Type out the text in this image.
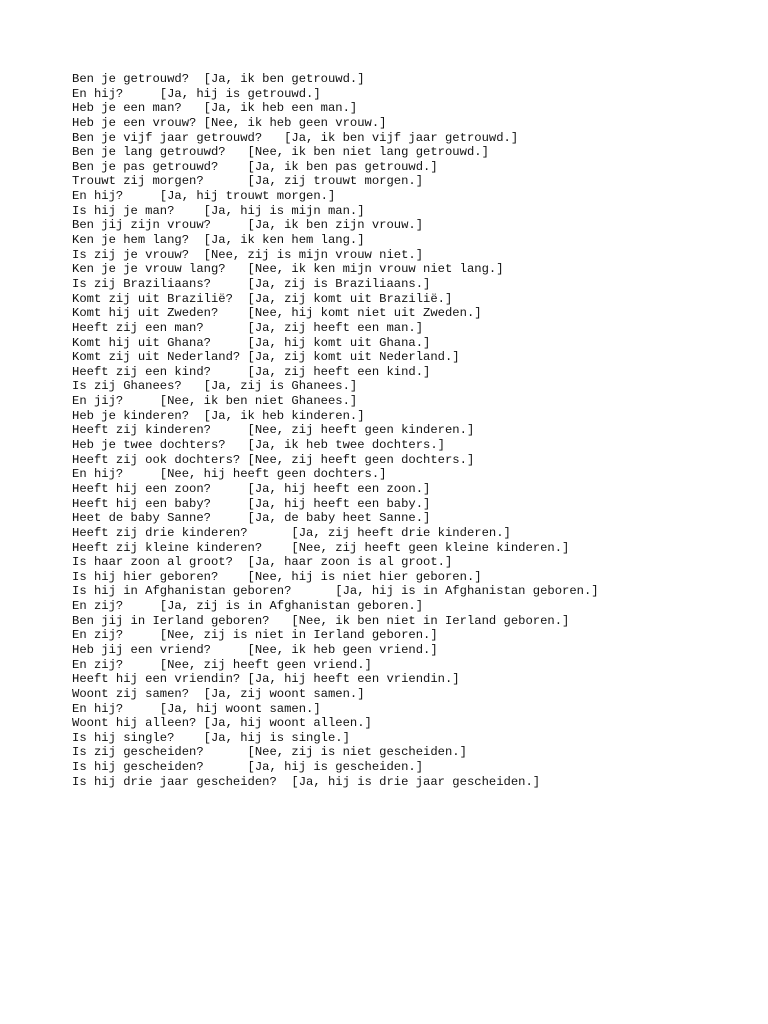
Ben je getrouwd?  [Ja, ik ben getrouwd.]
En hij?     [Ja, hij is getrouwd.]
Heb je een man?   [Ja, ik heb een man.]
Heb je een vrouw? [Nee, ik heb geen vrouw.]
Ben je vijf jaar getrouwd?   [Ja, ik ben vijf jaar getrouwd.]
Ben je lang getrouwd?   [Nee, ik ben niet lang getrouwd.]
Ben je pas getrouwd?    [Ja, ik ben pas getrouwd.]
Trouwt zij morgen?      [Ja, zij trouwt morgen.]
En hij?     [Ja, hij trouwt morgen.]
Is hij je man?    [Ja, hij is mijn man.]
Ben jij zijn vrouw?     [Ja, ik ben zijn vrouw.]
Ken je hem lang?  [Ja, ik ken hem lang.]
Is zij je vrouw?  [Nee, zij is mijn vrouw niet.]
Ken je je vrouw lang?   [Nee, ik ken mijn vrouw niet lang.]
Is zij Braziliaans?     [Ja, zij is Braziliaans.]
Komt zij uit Brazilië?  [Ja, zij komt uit Brazilië.]
Komt hij uit Zweden?    [Nee, hij komt niet uit Zweden.]
Heeft zij een man?      [Ja, zij heeft een man.]
Komt hij uit Ghana?     [Ja, hij komt uit Ghana.]
Komt zij uit Nederland? [Ja, zij komt uit Nederland.]
Heeft zij een kind?     [Ja, zij heeft een kind.]
Is zij Ghanees?   [Ja, zij is Ghanees.]
En jij?     [Nee, ik ben niet Ghanees.]
Heb je kinderen?  [Ja, ik heb kinderen.]
Heeft zij kinderen?     [Nee, zij heeft geen kinderen.]
Heb je twee dochters?   [Ja, ik heb twee dochters.]
Heeft zij ook dochters? [Nee, zij heeft geen dochters.]
En hij?     [Nee, hij heeft geen dochters.]
Heeft hij een zoon?     [Ja, hij heeft een zoon.]
Heeft hij een baby?     [Ja, hij heeft een baby.]
Heet de baby Sanne?     [Ja, de baby heet Sanne.]
Heeft zij drie kinderen?      [Ja, zij heeft drie kinderen.]
Heeft zij kleine kinderen?    [Nee, zij heeft geen kleine kinderen.]
Is haar zoon al groot?  [Ja, haar zoon is al groot.]
Is hij hier geboren?    [Nee, hij is niet hier geboren.]
Is hij in Afghanistan geboren?      [Ja, hij is in Afghanistan geboren.]
En zij?     [Ja, zij is in Afghanistan geboren.]
Ben jij in Ierland geboren?   [Nee, ik ben niet in Ierland geboren.]
En zij?     [Nee, zij is niet in Ierland geboren.]
Heb jij een vriend?     [Nee, ik heb geen vriend.]
En zij?     [Nee, zij heeft geen vriend.]
Heeft hij een vriendin? [Ja, hij heeft een vriendin.]
Woont zij samen?  [Ja, zij woont samen.]
En hij?     [Ja, hij woont samen.]
Woont hij alleen? [Ja, hij woont alleen.]
Is hij single?    [Ja, hij is single.]
Is zij gescheiden?      [Nee, zij is niet gescheiden.]
Is hij gescheiden?      [Ja, hij is gescheiden.]
Is hij drie jaar gescheiden?  [Ja, hij is drie jaar gescheiden.]
